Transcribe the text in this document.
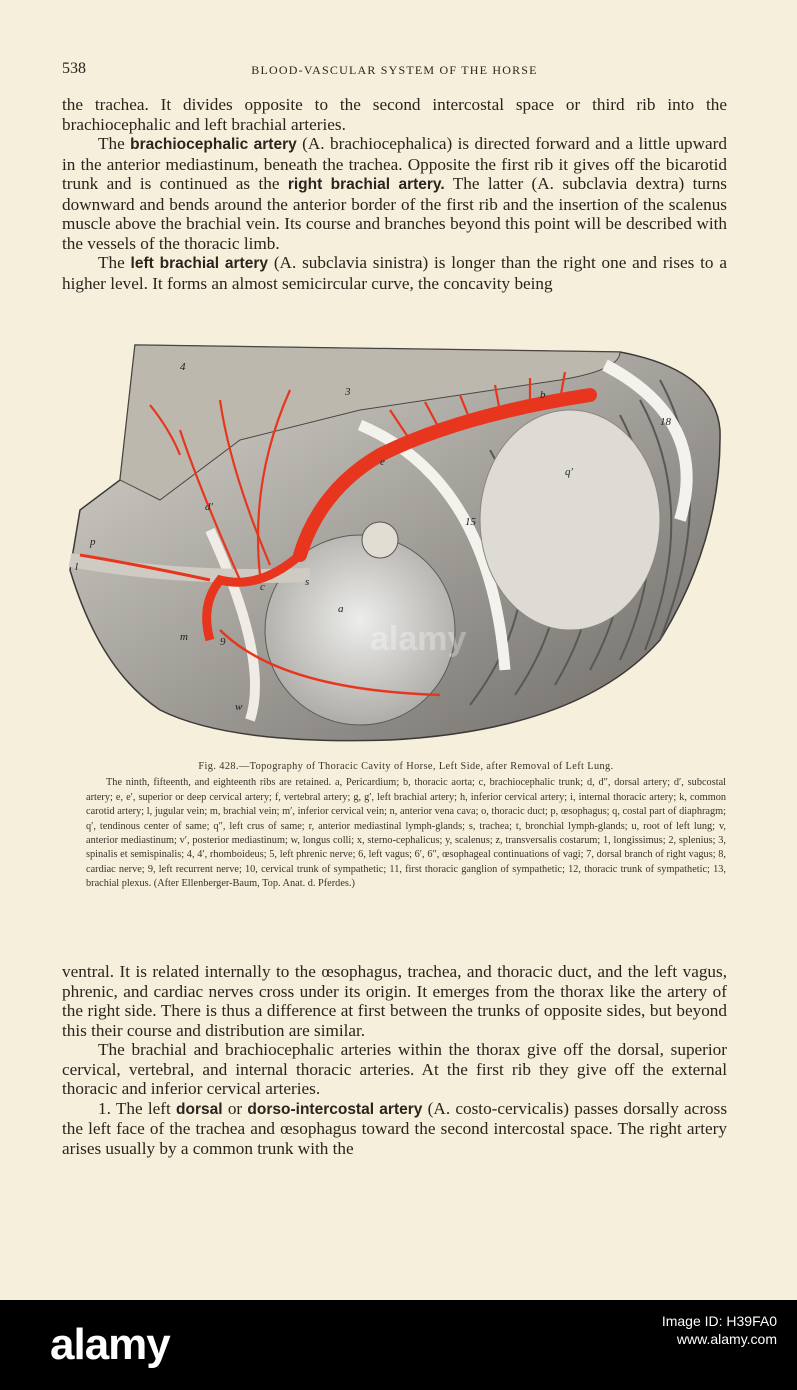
538	BLOOD-VASCULAR SYSTEM OF THE HORSE

the trachea. It divides opposite to the second intercostal space or third rib into the brachiocephalic and left brachial arteries.

The brachiocephalic artery (A. brachiocephalica) is directed forward and a little upward in the anterior mediastinum, beneath the trachea. Opposite the first rib it gives off the bicarotid trunk and is continued as the right brachial artery. The latter (A. subclavia dextra) turns downward and bends around the anterior border of the first rib and the insertion of the scalenus muscle above the brachial vein. Its course and branches beyond this point will be described with the vessels of the thoracic limb.

The left brachial artery (A. subclavia sinistra) is longer than the right one and rises to a higher level. It forms an almost semicircular curve, the concavity being

a
b
c
e
q′
3
4
18
15
9
m
w
s
p
l
d′
alamy
Fig. 428.—Topography of Thoracic Cavity of Horse, Left Side, after Removal of Left Lung.
The ninth, fifteenth, and eighteenth ribs are retained. a, Pericardium; b, thoracic aorta; c, brachiocephalic trunk; d, d″, dorsal artery; d′, subcostal artery; e, e′, superior or deep cervical artery; f, vertebral artery; g, g′, left brachial artery; h, inferior cervical artery; i, internal thoracic artery; k, common carotid artery; l, jugular vein; m, brachial vein; m′, inferior cervical vein; n, anterior vena cava; o, thoracic duct; p, œsophagus; q, costal part of diaphragm; q′, tendinous center of same; q″, left crus of same; r, anterior mediastinal lymph-glands; s, trachea; t, bronchial lymph-glands; u, root of left lung; v, anterior mediastinum; v′, posterior mediastinum; w, longus colli; x, sterno-cephalicus; y, scalenus; z, transversalis costarum; 1, longissimus; 2, splenius; 3, spinalis et semispinalis; 4, 4′, rhomboideus; 5, left phrenic nerve; 6, left vagus; 6′, 6″, œsophageal continuations of vagi; 7, dorsal branch of right vagus; 8, cardiac nerve; 9, left recurrent nerve; 10, cervical trunk of sympathetic; 11, first thoracic ganglion of sympathetic; 12, thoracic trunk of sympathetic; 13, brachial plexus. (After Ellenberger-Baum, Top. Anat. d. Pferdes.)

ventral. It is related internally to the œsophagus, trachea, and thoracic duct, and the left vagus, phrenic, and cardiac nerves cross under its origin. It emerges from the thorax like the artery of the right side. There is thus a difference at first between the trunks of opposite sides, but beyond this their course and distribution are similar.

The brachial and brachiocephalic arteries within the thorax give off the dorsal, superior cervical, vertebral, and internal thoracic arteries. At the first rib they give off the external thoracic and inferior cervical arteries.

1. The left dorsal or dorso-intercostal artery (A. costo-cervicalis) passes dorsally across the left face of the trachea and œsophagus toward the second intercostal space. The right artery arises usually by a common trunk with the

alamy	Image ID: H39FA0
www.alamy.com
